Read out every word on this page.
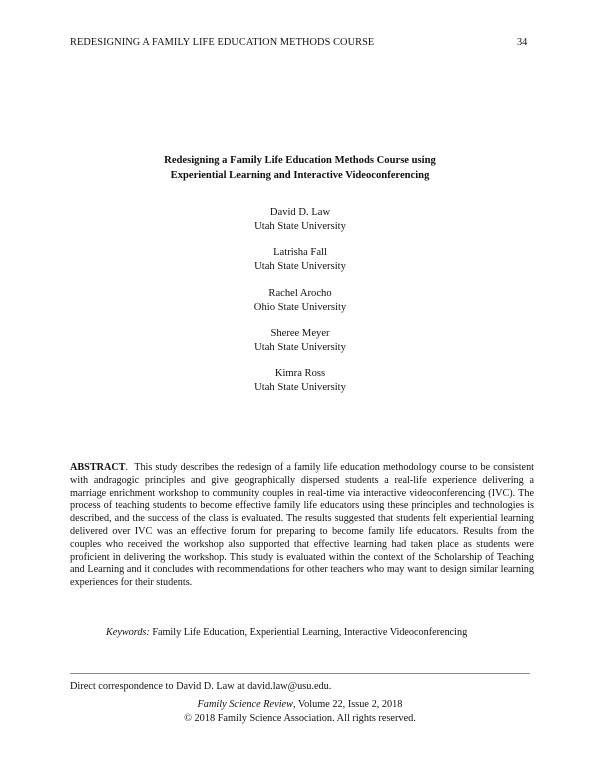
REDESIGNING A FAMILY LIFE EDUCATION METHODS COURSE	34
Redesigning a Family Life Education Methods Course using
Experiential Learning and Interactive Videoconferencing
David D. Law
Utah State University
Latrisha Fall
Utah State University
Rachel Arocho
Ohio State University
Sheree Meyer
Utah State University
Kimra Ross
Utah State University
ABSTRACT.  This study describes the redesign of a family life education methodology course to be consistent with andragogic principles and give geographically dispersed students a real-life experience delivering a marriage enrichment workshop to community couples in real-time via interactive videoconferencing (IVC). The process of teaching students to become effective family life educators using these principles and technologies is described, and the success of the class is evaluated. The results suggested that students felt experiential learning delivered over IVC was an effective forum for preparing to become family life educators. Results from the couples who received the workshop also supported that effective learning had taken place as students were proficient in delivering the workshop. This study is evaluated within the context of the Scholarship of Teaching and Learning and it concludes with recommendations for other teachers who may want to design similar learning experiences for their students.
Keywords: Family Life Education, Experiential Learning, Interactive Videoconferencing
Direct correspondence to David D. Law at david.law@usu.edu.
Family Science Review, Volume 22, Issue 2, 2018
© 2018 Family Science Association. All rights reserved.
